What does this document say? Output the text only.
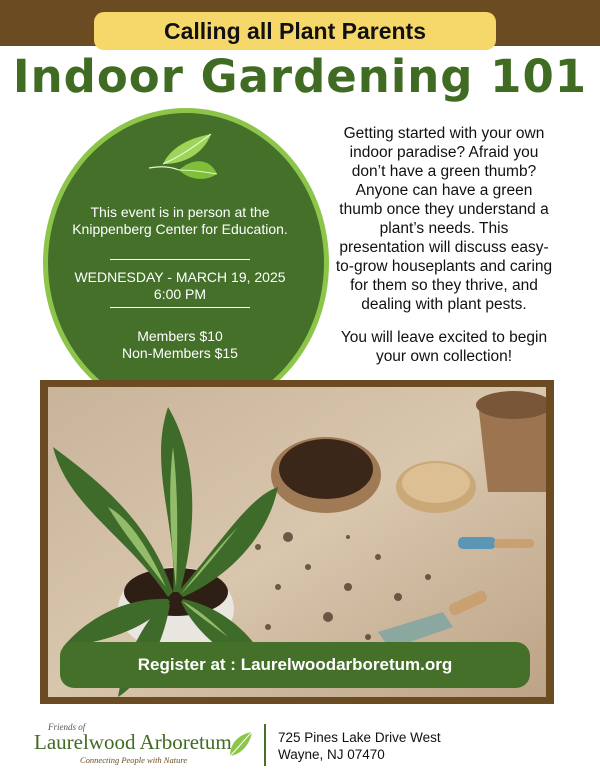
Calling all Plant Parents
Indoor Gardening 101
This event is in person at the Knippenberg Center for Education.
WEDNESDAY - MARCH 19, 2025
6:00 PM
Members $10
Non-Members $15
Getting started with your own indoor paradise? Afraid you don’t have a green thumb? Anyone can have a green thumb once they understand a plant’s needs. This presentation will discuss easy-to-grow houseplants and caring for them so they thrive, and dealing with plant pests.
You will leave excited to begin your own collection!
Register at : Laurelwoodarboretum.org
Friends of
Laurelwood Arboretum
Connecting People with Nature
725 Pines Lake Drive West
Wayne, NJ 07470
